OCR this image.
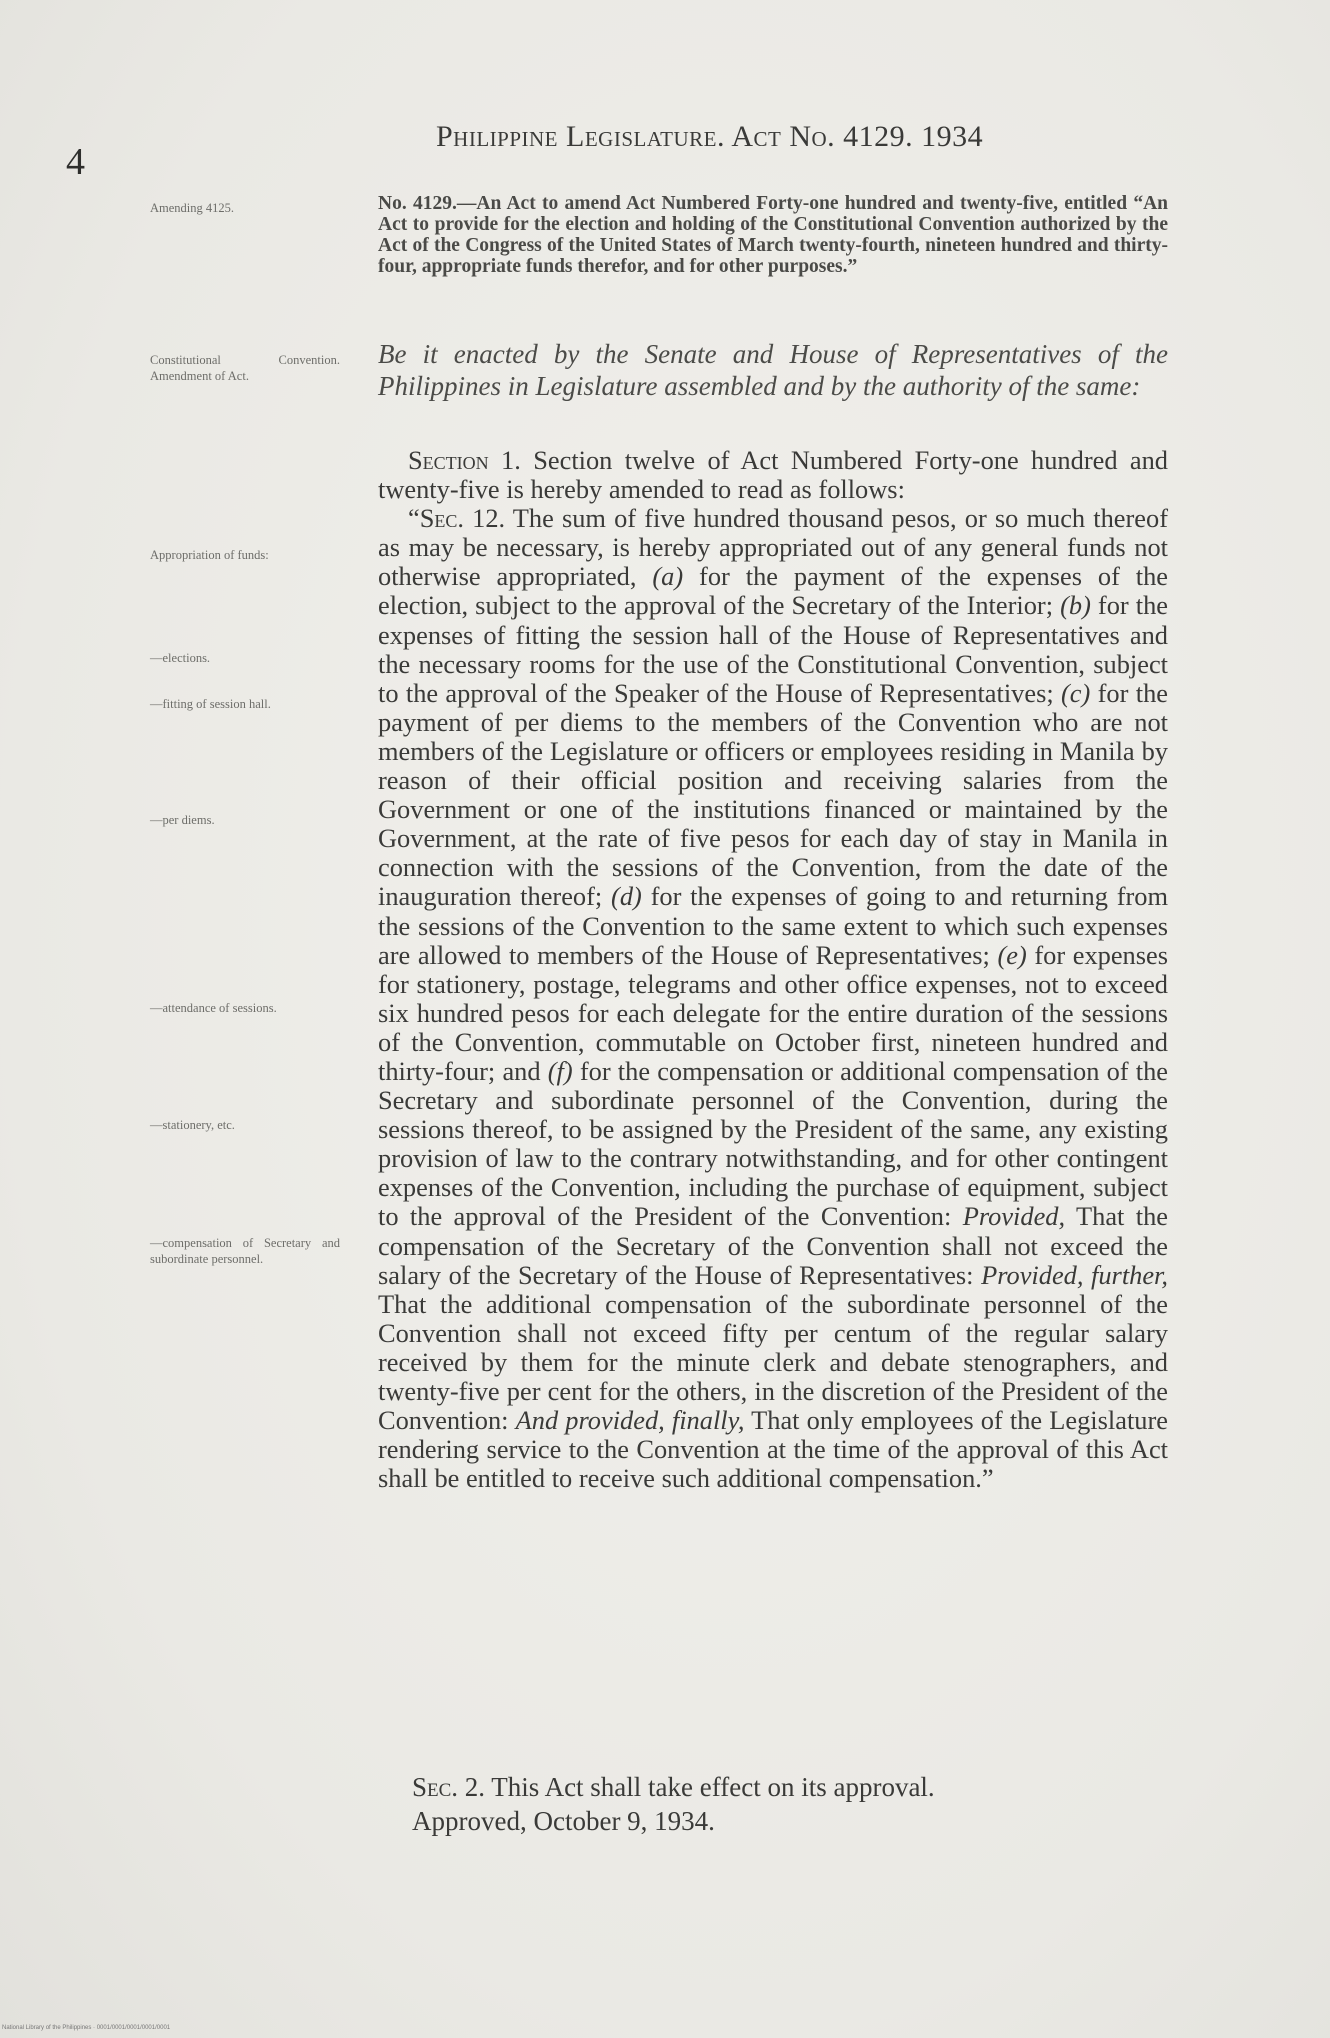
4
Philippine Legislature. Act No. 4129. 1934
Amending 4125.
Constitutional Convention. Amendment of Act.
Appropriation of funds:
—elections.
—fitting of session hall.
—per diems.
—attendance of sessions.
—stationery, etc.
—compensation of Secretary and subordinate personnel.
No. 4129.—An Act to amend Act Numbered Forty-one hundred and twenty-five, entitled “An Act to provide for the election and holding of the Constitutional Convention authorized by the Act of the Congress of the United States of March twenty-fourth, nineteen hundred and thirty-four, appropriate funds therefor, and for other purposes.”
Be it enacted by the Senate and House of Representatives of the Philippines in Legislature assembled and by the authority of the same:

Section 1. Section twelve of Act Numbered Forty-one hundred and twenty-five is hereby amended to read as follows:

“Sec. 12. The sum of five hundred thousand pesos, or so much thereof as may be necessary, is hereby appropriated out of any general funds not otherwise appropriated, (a) for the payment of the expenses of the election, subject to the approval of the Secretary of the Interior; (b) for the expenses of fitting the session hall of the House of Representatives and the necessary rooms for the use of the Constitutional Convention, subject to the approval of the Speaker of the House of Representatives; (c) for the payment of per diems to the members of the Convention who are not members of the Legislature or officers or employees residing in Manila by reason of their official position and receiving salaries from the Government or one of the institutions financed or maintained by the Government, at the rate of five pesos for each day of stay in Manila in connection with the sessions of the Convention, from the date of the inauguration thereof; (d) for the expenses of going to and returning from the sessions of the Convention to the same extent to which such expenses are allowed to members of the House of Representatives; (e) for expenses for stationery, postage, telegrams and other office expenses, not to exceed six hundred pesos for each delegate for the entire duration of the sessions of the Convention, commutable on October first, nineteen hundred and thirty-four; and (f) for the compensation or additional compensation of the Secretary and subordinate personnel of the Convention, during the sessions thereof, to be assigned by the President of the same, any existing provision of law to the contrary notwithstanding, and for other contingent expenses of the Convention, including the purchase of equipment, subject to the approval of the President of the Convention: Provided, That the compensation of the Secretary of the Convention shall not exceed the salary of the Secretary of the House of Representatives: Provided, further, That the additional compensation of the subordinate personnel of the Convention shall not exceed fifty per centum of the regular salary received by them for the minute clerk and debate stenographers, and twenty-five per cent for the others, in the discretion of the President of the Convention: And provided, finally, That only employees of the Legislature rendering service to the Convention at the time of the approval of this Act shall be entitled to receive such additional compensation.”

Sec. 2. This Act shall take effect on its approval.

Approved, October 9, 1934.

National Library of the Philippines · 0001/0001/0001/0001/0001
